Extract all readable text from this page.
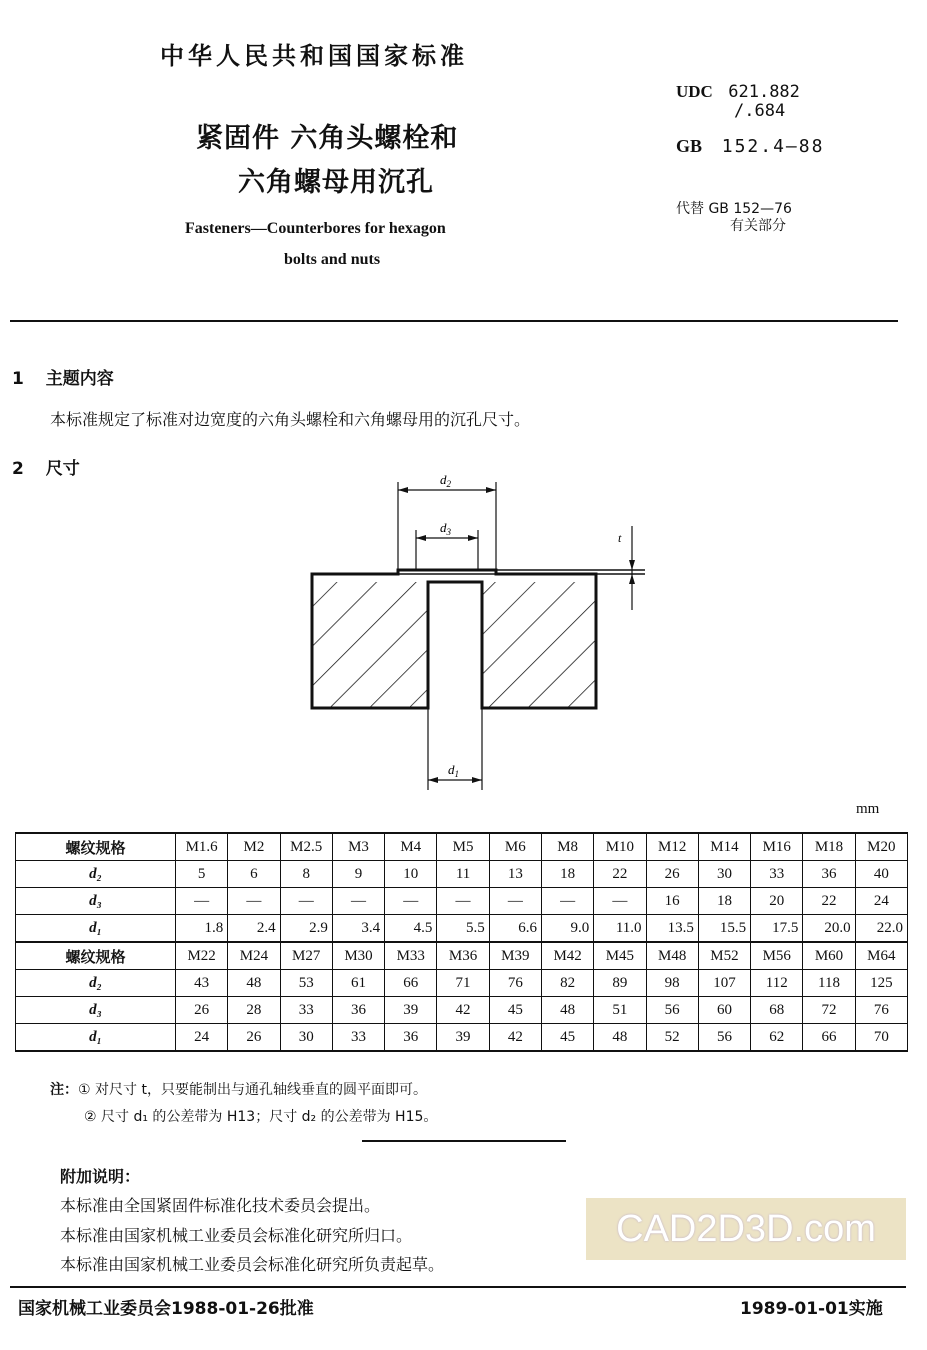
中华人民共和国国家标准
紧固件 六角头螺栓和
六角螺母用沉孔
Fasteners—Counterbores for hexagon
bolts and nuts
UDC 621.882
/.684
GB 152.4—88
代替 GB 152—76
有关部分
1 主题内容
本标准规定了标准对边宽度的六角头螺栓和六角螺母用的沉孔尺寸。
2 尺寸
$d_2$
$d_3$
$d_1$
t
mm
螺纹规格	M1.6	M2	M2.5	M3	M4	M5	M6	M8	M10	M12	M14	M16	M18	M20
d₂	5	6	8	9	10	11	13	18	22	26	30	33	36	40
d₃	—	—	—	—	—	—	—	—	—	16	18	20	22	24
d₁	1.8	2.4	2.9	3.4	4.5	5.5	6.6	9.0	11.0	13.5	15.5	17.5	20.0	22.0
螺纹规格	M22	M24	M27	M30	M33	M36	M39	M42	M45	M48	M52	M56	M60	M64
d₂	43	48	53	61	66	71	76	82	89	98	107	112	118	125
d₃	26	28	33	36	39	42	45	48	51	56	60	68	72	76
d₁	24	26	30	33	36	39	42	45	48	52	56	62	66	70
注：① 对尺寸 t，只要能制出与通孔轴线垂直的圆平面即可。
② 尺寸 d₁ 的公差带为 H13；尺寸 d₂ 的公差带为 H15。
附加说明：
本标准由全国紧固件标准化技术委员会提出。
本标准由国家机械工业委员会标准化研究所归口。
本标准由国家机械工业委员会标准化研究所负责起草。
CAD2D3D.com
国家机械工业委员会1988-01-26批准	1989-01-01实施
